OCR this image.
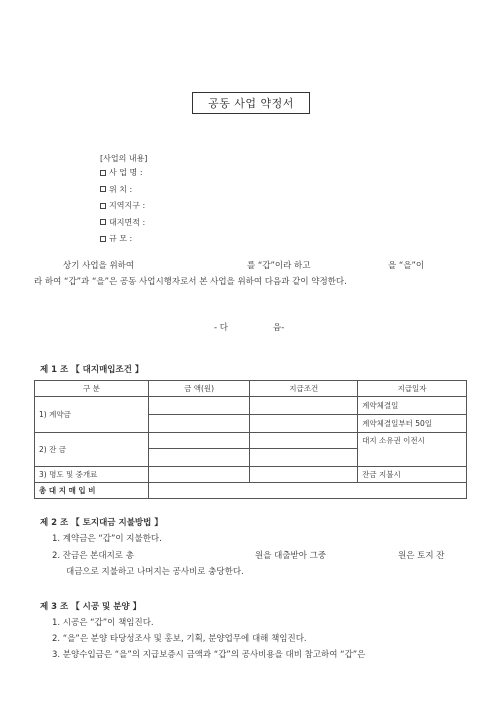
공동 사업 약정서
[사업의 내용]
사 업 명 :
위 치 :
지역지구 :
대지면적 :
규 모 :
상기 사업을 위하여	를 “갑”이라 하고	을 “을”이
라 하여 “갑”과 “을”은 공동 사업시행자로서 본 사업을 위하여 다음과 같이 약정한다.
- 다	음-
제 1 조 【 대지매입조건 】
구 분	금 액(원)	지급조건	지급일자
1) 계약금			계약체결일
			계약체결일부터 50일
2) 잔 금			대지 소유권 이전시

3) 명도 및 중개료			잔금 지불시
총 대 지 매 입 비			
제 2 조 【 토지대금 지불방법 】
1. 계약금은 “갑”이 지불한다.
2. 잔금은 본대지로 총	원을 대출받아 그중	원은 토지 잔
대금으로 지불하고 나머지는 공사비로 충당한다.
제 3 조 【 시공 및 분양 】
1. 시공은 “갑”이 책임진다.
2. “을”은 분양 타당성조사 및 홍보, 기획, 분양업무에 대해 책임진다.
3. 분양수입금은 “을”의 지급보증시 금액과 “갑”의 공사비용을 대비 참고하여 “갑”은
